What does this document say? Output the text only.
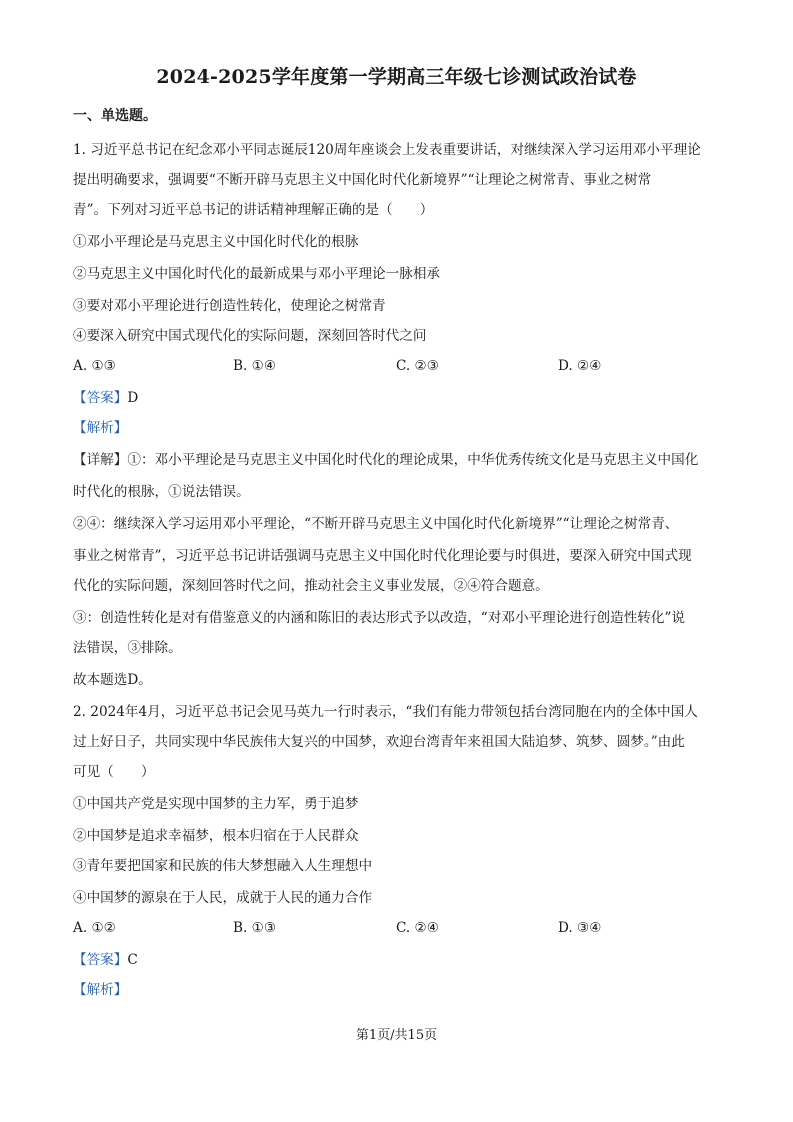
2024-2025学年度第一学期高三年级七诊测试政治试卷
一、单选题。
1. 习近平总书记在纪念邓小平同志诞辰120周年座谈会上发表重要讲话，对继续深入学习运用邓小平理论
提出明确要求，强调要“不断开辟马克思主义中国化时代化新境界”“让理论之树常青、事业之树常
青”。下列对习近平总书记的讲话精神理解正确的是（　　）
①邓小平理论是马克思主义中国化时代化的根脉
②马克思主义中国化时代化的最新成果与邓小平理论一脉相承
③要对邓小平理论进行创造性转化，使理论之树常青
④要深入研究中国式现代化的实际问题，深刻回答时代之问
A. ①③	B. ①④	C. ②③	D. ②④
【答案】D
【解析】
【详解】①：邓小平理论是马克思主义中国化时代化的理论成果，中华优秀传统文化是马克思主义中国化
时代化的根脉，①说法错误。
②④：继续深入学习运用邓小平理论，“不断开辟马克思主义中国化时代化新境界”“让理论之树常青、
事业之树常青”，习近平总书记讲话强调马克思主义中国化时代化理论要与时俱进，要深入研究中国式现
代化的实际问题，深刻回答时代之问，推动社会主义事业发展，②④符合题意。
③：创造性转化是对有借鉴意义的内涵和陈旧的表达形式予以改造，“对邓小平理论进行创造性转化”说
法错误，③排除。
故本题选D。
2. 2024年4月，习近平总书记会见马英九一行时表示，“我们有能力带领包括台湾同胞在内的全体中国人
过上好日子，共同实现中华民族伟大复兴的中国梦，欢迎台湾青年来祖国大陆追梦、筑梦、圆梦。”由此
可见（　　）
①中国共产党是实现中国梦的主力军，勇于追梦
②中国梦是追求幸福梦，根本归宿在于人民群众
③青年要把国家和民族的伟大梦想融入人生理想中
④中国梦的源泉在于人民，成就于人民的通力合作
A. ①②	B. ①③	C. ②④	D. ③④
【答案】C
【解析】
第1页/共15页
